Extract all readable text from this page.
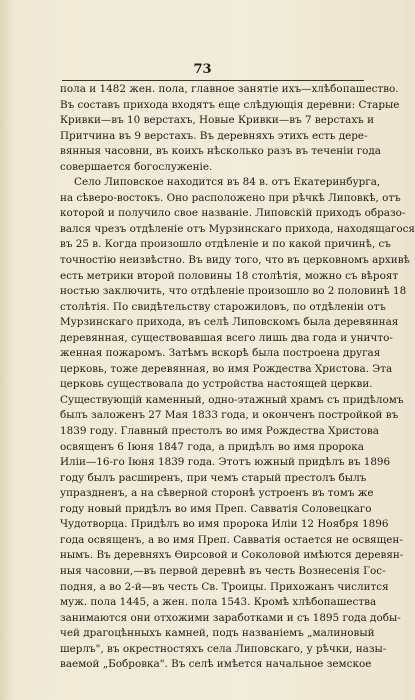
73
пола и 1482 жен. пола, главное занятіе ихъ—хлѣбопашество.
Въ составъ прихода входятъ еще слѣдующія деревни: Старые
Кривки—въ 10 верстахъ, Новые Кривки—въ 7 верстахъ и
Притчина въ 9 верстахъ. Въ деревняхъ этихъ есть дере-
вянныя часовни, въ коихъ нѣсколько разъ въ теченіи года
совершается богослуженіе.
Село Липовское находится въ 84 в. отъ Екатеринбурга,
на сѣверо-востокъ. Оно расположено при рѣчкѣ Липовкѣ, отъ
которой и получило свое названіе. Липовскій приходъ образо-
вался чрезъ отдѣленіе отъ Мурзинскаго прихода, находящагося
въ 25 в. Когда произошло отдѣленіе и по какой причинѣ, съ
точностію неизвѣстно. Въ виду того, что въ церковномъ архивѣ
есть метрики второй половины 18 столѣтія, можно съ вѣроят
ностью заключить, что отдѣленіе произошло во 2 половинѣ 18
столѣтія. По свидѣтельству старожиловъ, по отдѣленіи отъ
Мурзинскаго прихода, въ селѣ Липовскомъ была деревянная
деревянная, существовавшая всего лишь два года и уничто-
женная пожаромъ. Затѣмъ вскорѣ была построена другая
церковь, тоже деревянная, во имя Рождества Христова. Эта
церковь существовала до устройства настоящей церкви.
Существующій каменный, одно-этажный храмъ съ придѣломъ
былъ заложенъ 27 Мая 1833 года, и оконченъ постройкой въ
1839 году. Главный престолъ во имя Рождества Христова
освященъ 6 Іюня 1847 года, а придѣлъ во имя пророка
Иліи—16-го Іюня 1839 года. Этотъ южный придѣлъ въ 1896
году былъ расширенъ, при чемъ старый престолъ былъ
упраздненъ, а на сѣверной сторонѣ устроенъ въ томъ же
году новый придѣлъ во имя Преп. Савватія Соловецкаго
Чудотворца. Придѣлъ во имя пророка Иліи 12 Ноября 1896
года освященъ, а во имя Преп. Савватія остается не освящен-
нымъ. Въ деревняхъ Ѳирсовой и Соколовой имѣются деревян-
ныя часовни,—въ первой деревнѣ въ честь Вознесенія Гос-
подня, а во 2-й—въ честь Св. Троицы. Прихожанъ числится
муж. пола 1445, а жен. пола 1543. Кромѣ хлѣбопашества
занимаются они отхожими заработками и съ 1895 года добы-
чей драгоцѣнныхъ камней, подъ названіемъ „малиновый
шерлъ", въ окрестностяхъ села Липовскаго, у рѣчки, назы-
ваемой „Бобровка". Въ селѣ имѣется начальное земское
